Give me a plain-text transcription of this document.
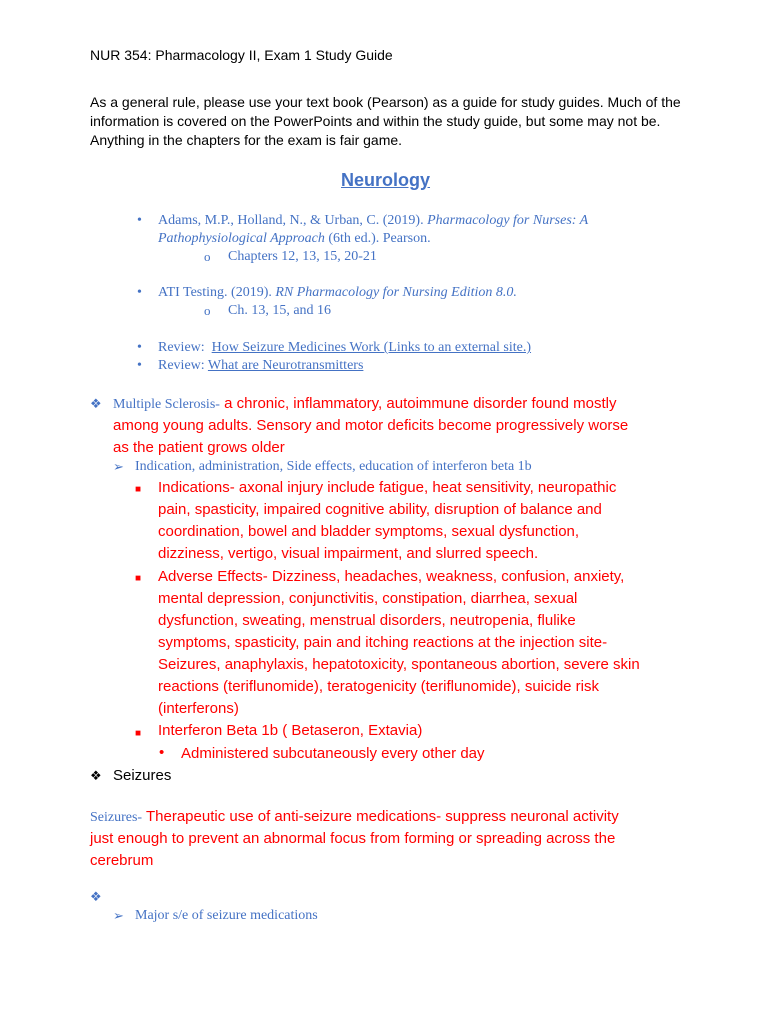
NUR 354: Pharmacology II, Exam 1 Study Guide
As a general rule, please use your text book (Pearson) as a guide for study guides. Much of the
information is covered on the PowerPoints and within the study guide, but some may not be.
Anything in the chapters for the exam is fair game.
Neurology
• Adams, M.P., Holland, N., & Urban, C. (2019). Pharmacology for Nurses: A
Pathophysiological Approach (6th ed.). Pearson.
o Chapters 12, 13, 15, 20-21
• ATI Testing. (2019). RN Pharmacology for Nursing Edition 8.0.
o Ch. 13, 15, and 16
• Review:  How Seizure Medicines Work (Links to an external site.)
• Review: What are Neurotransmitters
❖ Multiple Sclerosis- a chronic, inflammatory, autoimmune disorder found mostly
among young adults. Sensory and motor deficits become progressively worse
as the patient grows older
➢ Indication, administration, Side effects, education of interferon beta 1b
■ Indications- axonal injury include fatigue, heat sensitivity, neuropathic
pain, spasticity, impaired cognitive ability, disruption of balance and
coordination, bowel and bladder symptoms, sexual dysfunction,
dizziness, vertigo, visual impairment, and slurred speech.
■ Adverse Effects- Dizziness, headaches, weakness, confusion, anxiety,
mental depression, conjunctivitis, constipation, diarrhea, sexual
dysfunction, sweating, menstrual disorders, neutropenia, flulike
symptoms, spasticity, pain and itching reactions at the injection site-
Seizures, anaphylaxis, hepatotoxicity, spontaneous abortion, severe skin
reactions (teriflunomide), teratogenicity (teriflunomide), suicide risk
(interferons)
■ Interferon Beta 1b ( Betaseron, Extavia)
• Administered subcutaneously every other day
❖ Seizures
Seizures- Therapeutic use of anti-seizure medications- suppress neuronal activity
just enough to prevent an abnormal focus from forming or spreading across the
cerebrum
❖
➢ Major s/e of seizure medications
